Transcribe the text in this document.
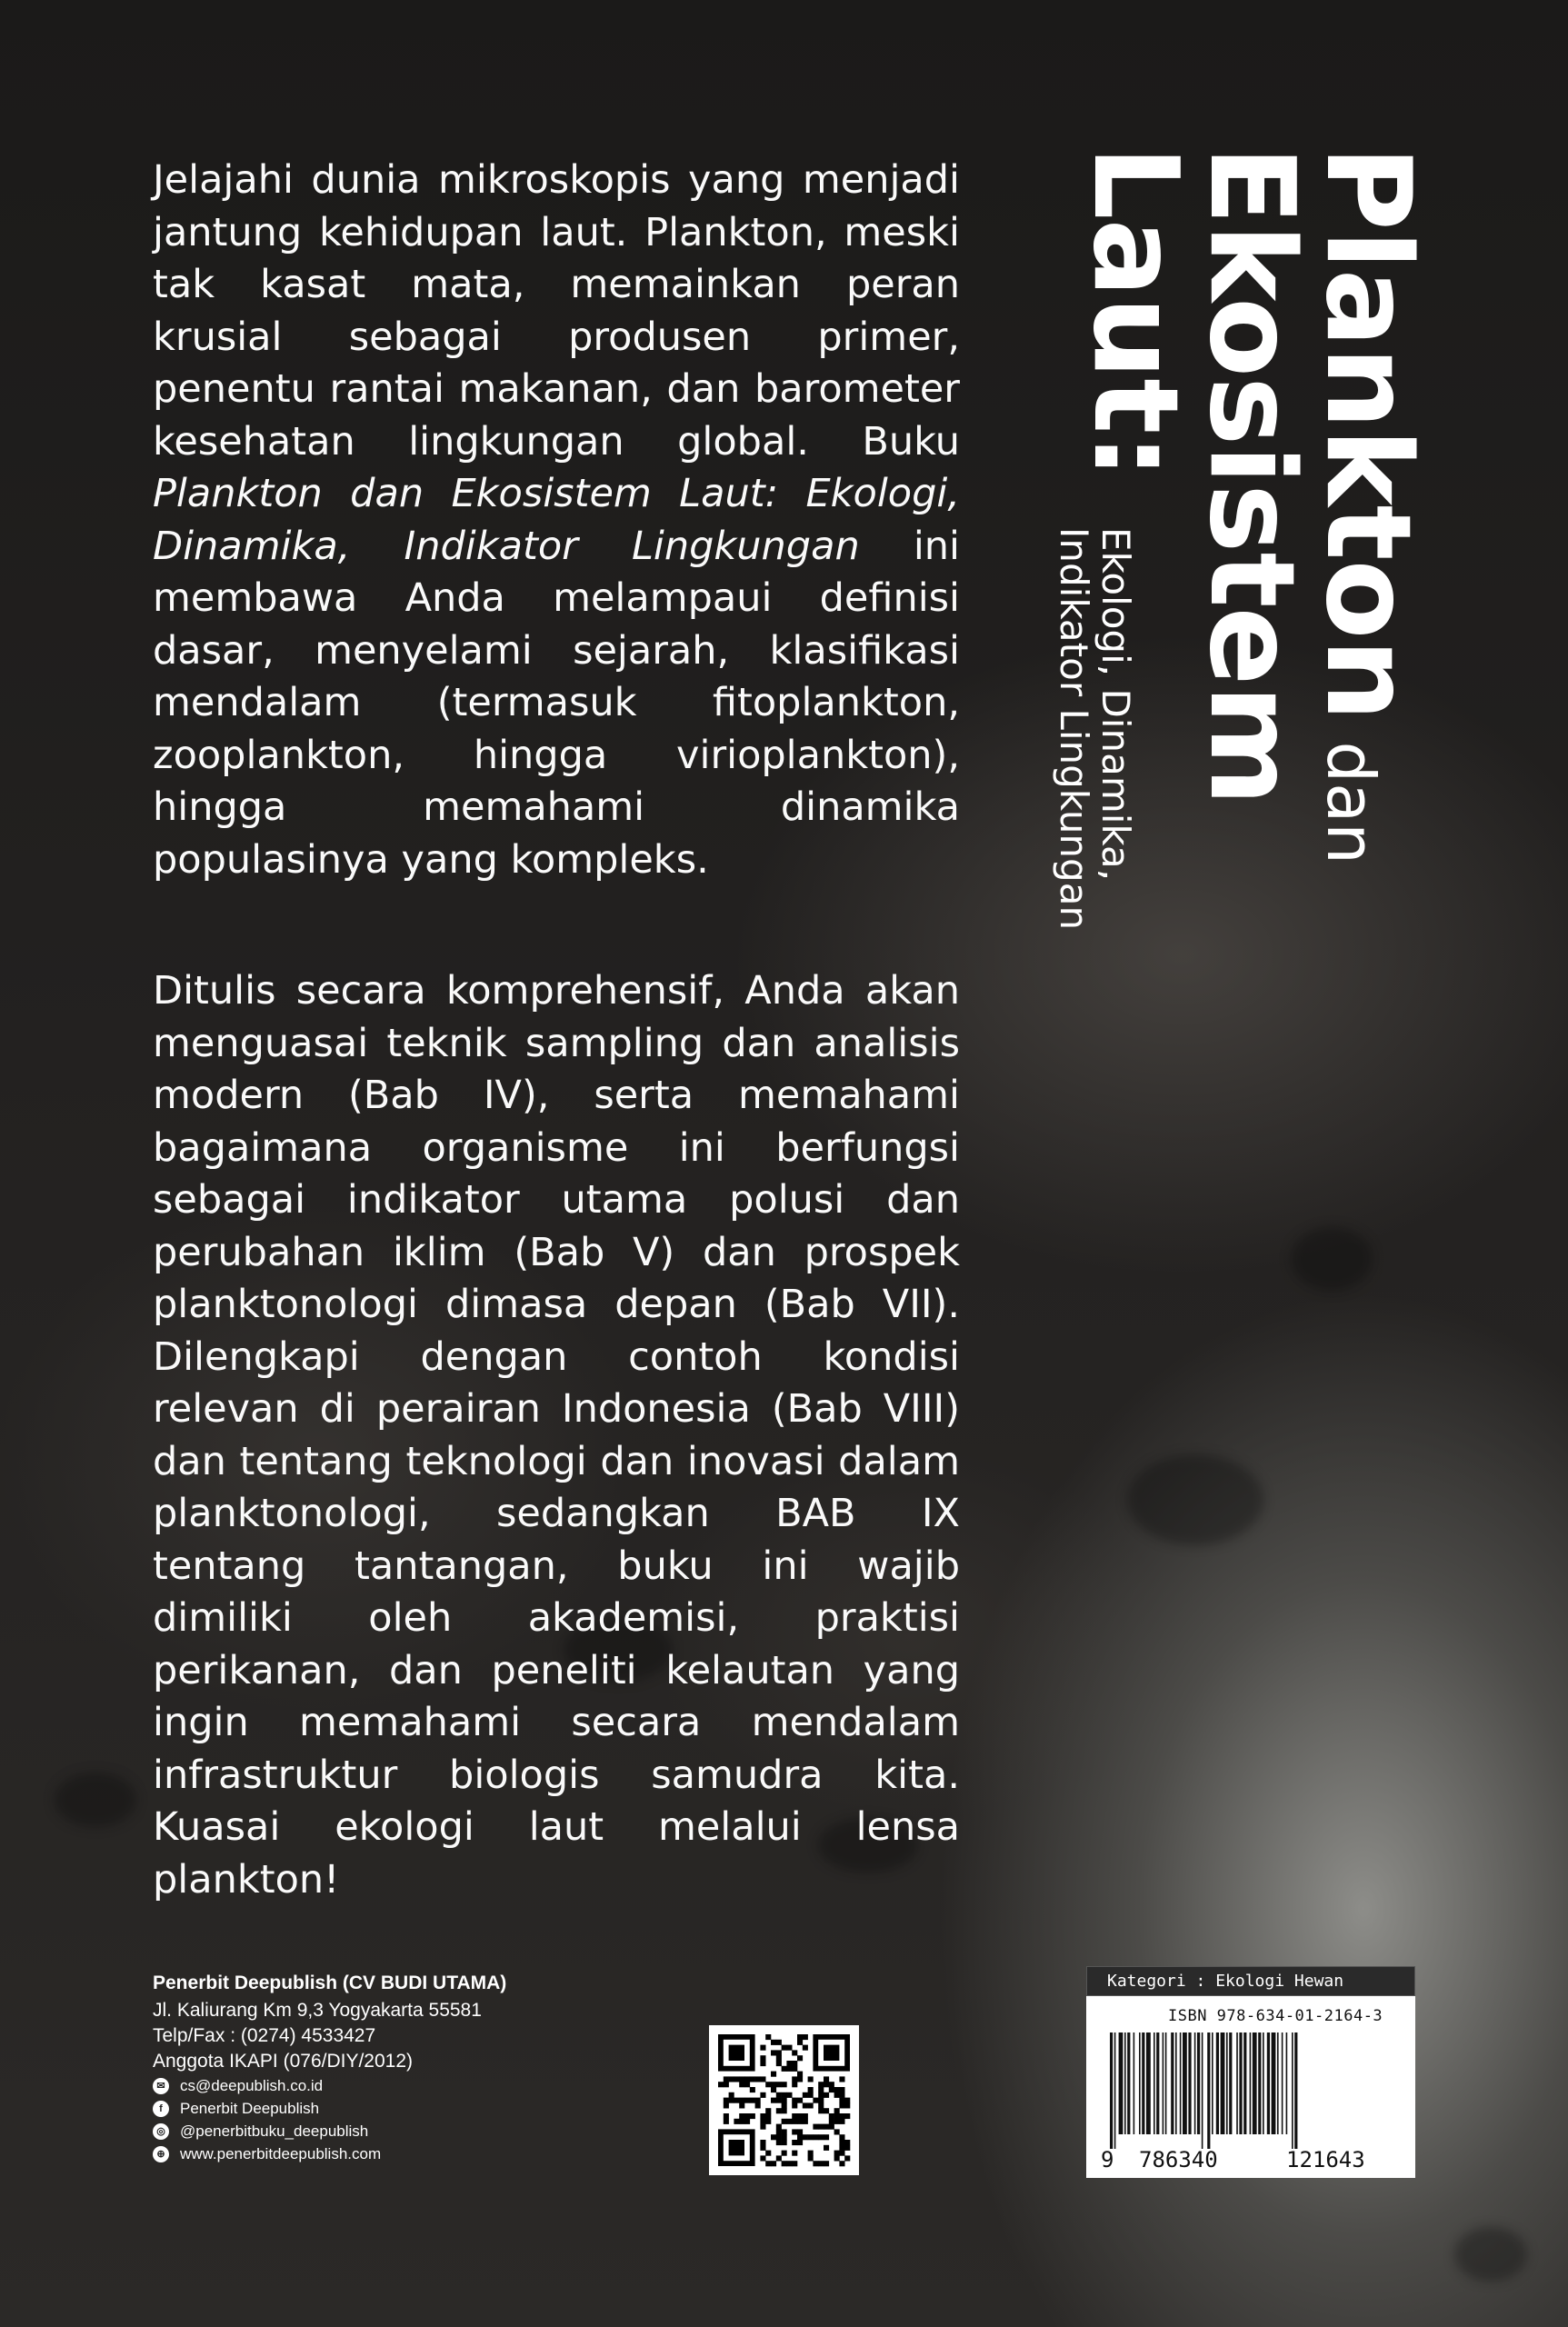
Jelajahi dunia mikroskopis yang menjadi jantung kehidupan laut. Plankton, meski tak kasat mata, memainkan peran krusial sebagai produsen primer, penentu rantai makanan, dan barometer kesehatan lingkungan global. Buku Plankton dan Ekosistem Laut: Ekologi, Dinamika, Indikator Lingkungan ini membawa Anda melampaui definisi dasar, menyelami sejarah, klasifikasi mendalam (termasuk fitoplankton, zooplankton, hingga virioplankton), hingga memahami dinamika populasinya yang kompleks.

Ditulis secara komprehensif, Anda akan menguasai teknik sampling dan analisis modern (Bab IV), serta memahami bagaimana organisme ini berfungsi sebagai indikator utama polusi dan perubahan iklim (Bab V) dan prospek planktonologi dimasa depan (Bab VII). Dilengkapi dengan contoh kondisi relevan di perairan Indonesia (Bab VIII) dan tentang teknologi dan inovasi dalam planktonologi, sedangkan BAB IX tentang tantangan, buku ini wajib dimiliki oleh akademisi, praktisi perikanan, dan peneliti kelautan yang ingin memahami secara mendalam infrastruktur biologis samudra kita. Kuasai ekologi laut melalui lensa plankton!

Plankton dan
Ekosistem
Laut:
Ekologi, Dinamika,
Indikator Lingkungan
Penerbit Deepublish (CV BUDI UTAMA)
Jl. Kaliurang Km 9,3 Yogyakarta 55581
Telp/Fax : (0274) 4533427
Anggota IKAPI (076/DIY/2012)
✉ cs@deepublish.co.id
f	Penerbit Deepublish
◎ @penerbitbuku_deepublish
⊕ www.penerbitdeepublish.com
Kategori : Ekologi Hewan
ISBN 978-634-01-2164-3
9 786340	121643
